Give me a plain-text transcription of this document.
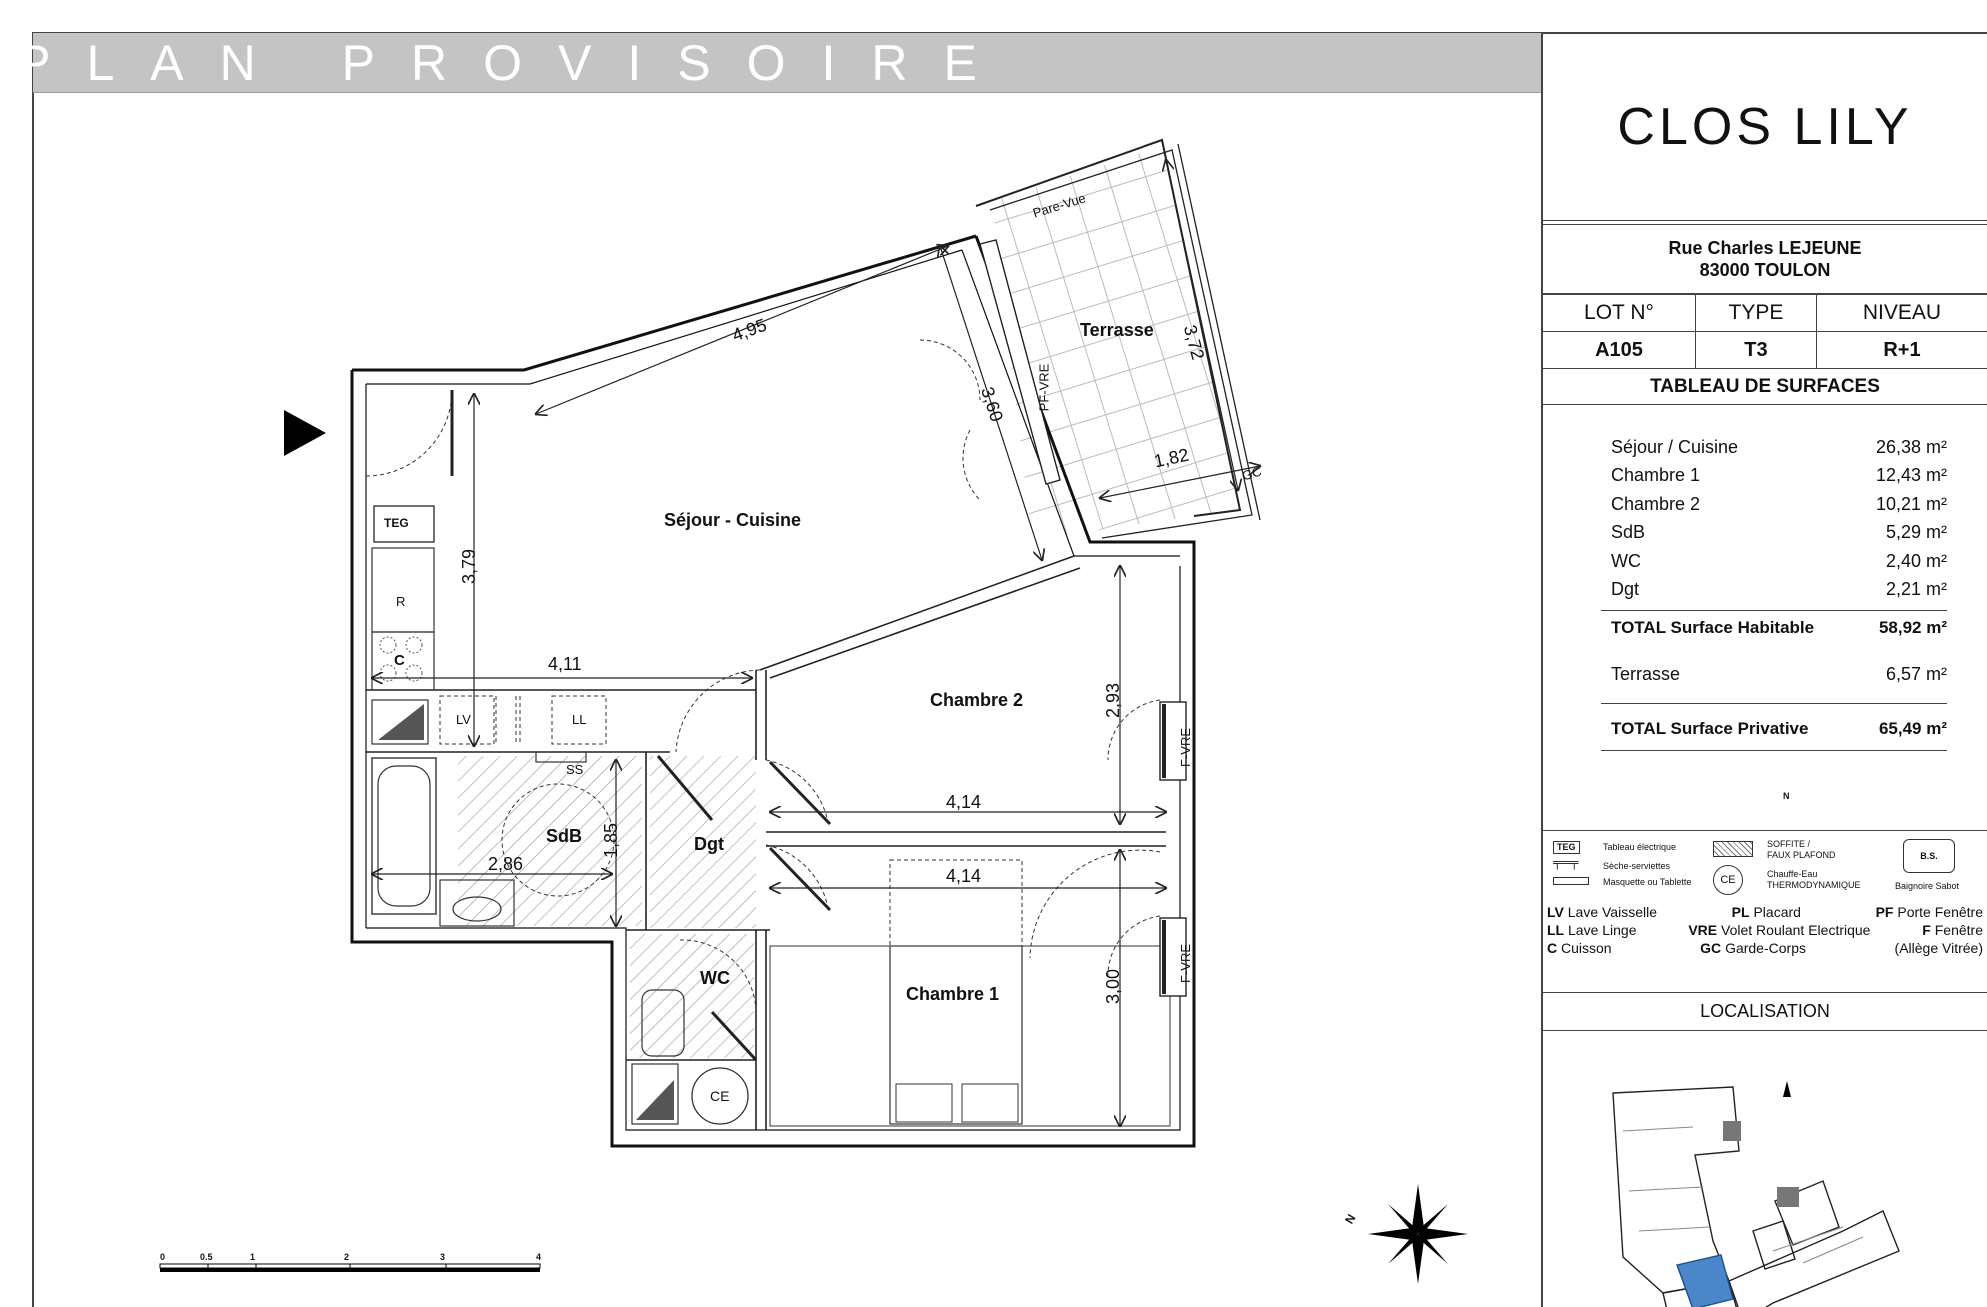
PLAN PROVISOIRE
Séjour - Cuisine
Terrasse
Chambre 2
Chambre 1
SdB	Dgt
WC
TEG
R
C
LV	LL
SS
CE
Pare-Vue
PF-VRE
F-VRE
F-VRE
GC
4,95
3,60
3,72
1,82
3,79
4,11
2,93
4,14
4,14
1,85
2,86
3,00
N
0	0.5	1	2	3	4
CLOS LILY
Rue Charles LEJEUNE
83000 TOULON
LOT N°	TYPE	NIVEAU
A105	T3	R+1
TABLEAU DE SURFACES
Séjour / Cuisine	26,38 m²
Chambre 1	12,43 m²
Chambre 2	10,21 m²
SdB	5,29 m²
WC	2,40 m²
Dgt	2,21 m²
TOTAL Surface Habitable	58,92 m²
Terrasse	6,57 m²
TOTAL Surface Privative	65,49 m²
TEG	Tableau électrique
╤═╤	Sèche-serviettes
Masquette ou Tablette
SOFFITE /
FAUX PLAFOND
CE	Chauffe-Eau
THERMODYNAMIQUE
B.S.
Baignoire Sabot
LV Lave Vaisselle	PL Placard	PF Porte Fenêtre
LL Lave Linge	VRE Volet Roulant Electrique	F Fenêtre
C Cuisson	GC Garde-Corps	(Allège Vitrée)
LOCALISATION
N
